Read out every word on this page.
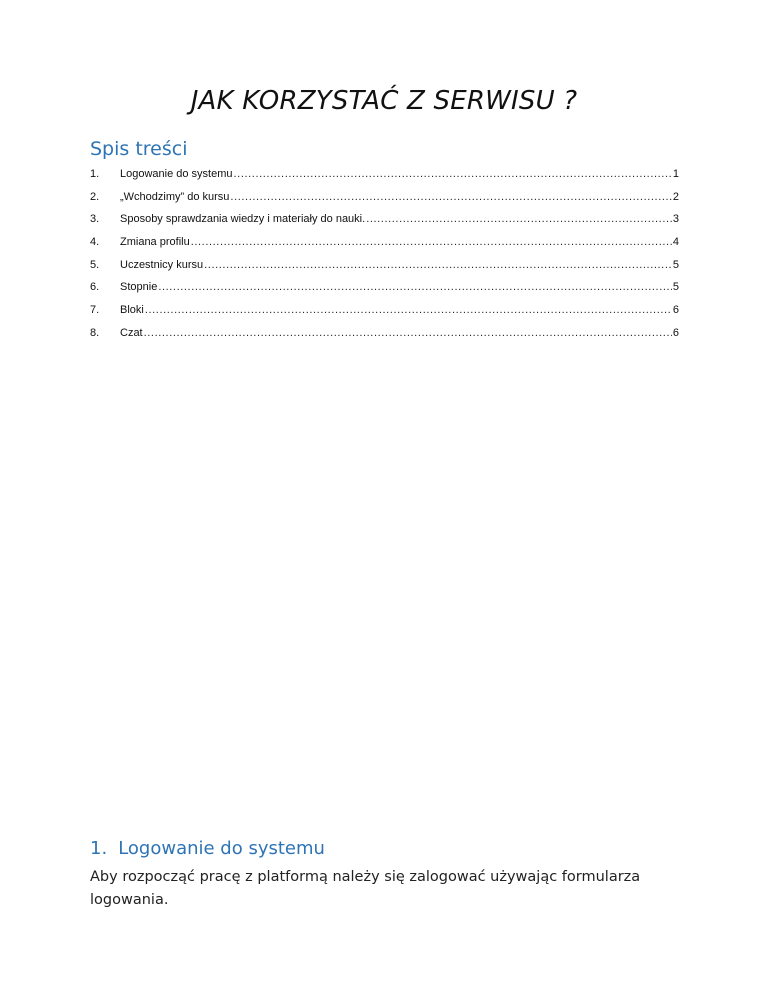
JAK KORZYSTAĆ Z SERWISU ?
Spis treści
1.	Logowanie do systemu .....	1
2.	„Wchodzimy” do kursu .....	2
3.	Sposoby sprawdzania wiedzy i materiały do nauki. .....	3
4.	Zmiana profilu .....	4
5.	Uczestnicy kursu .....	5
6.	Stopnie .....	5
7.	Bloki .....	6
8.	Czat .....	6
1. Logowanie do systemu
Aby rozpocząć pracę z platformą należy się zalogować używając formularza logowania.
